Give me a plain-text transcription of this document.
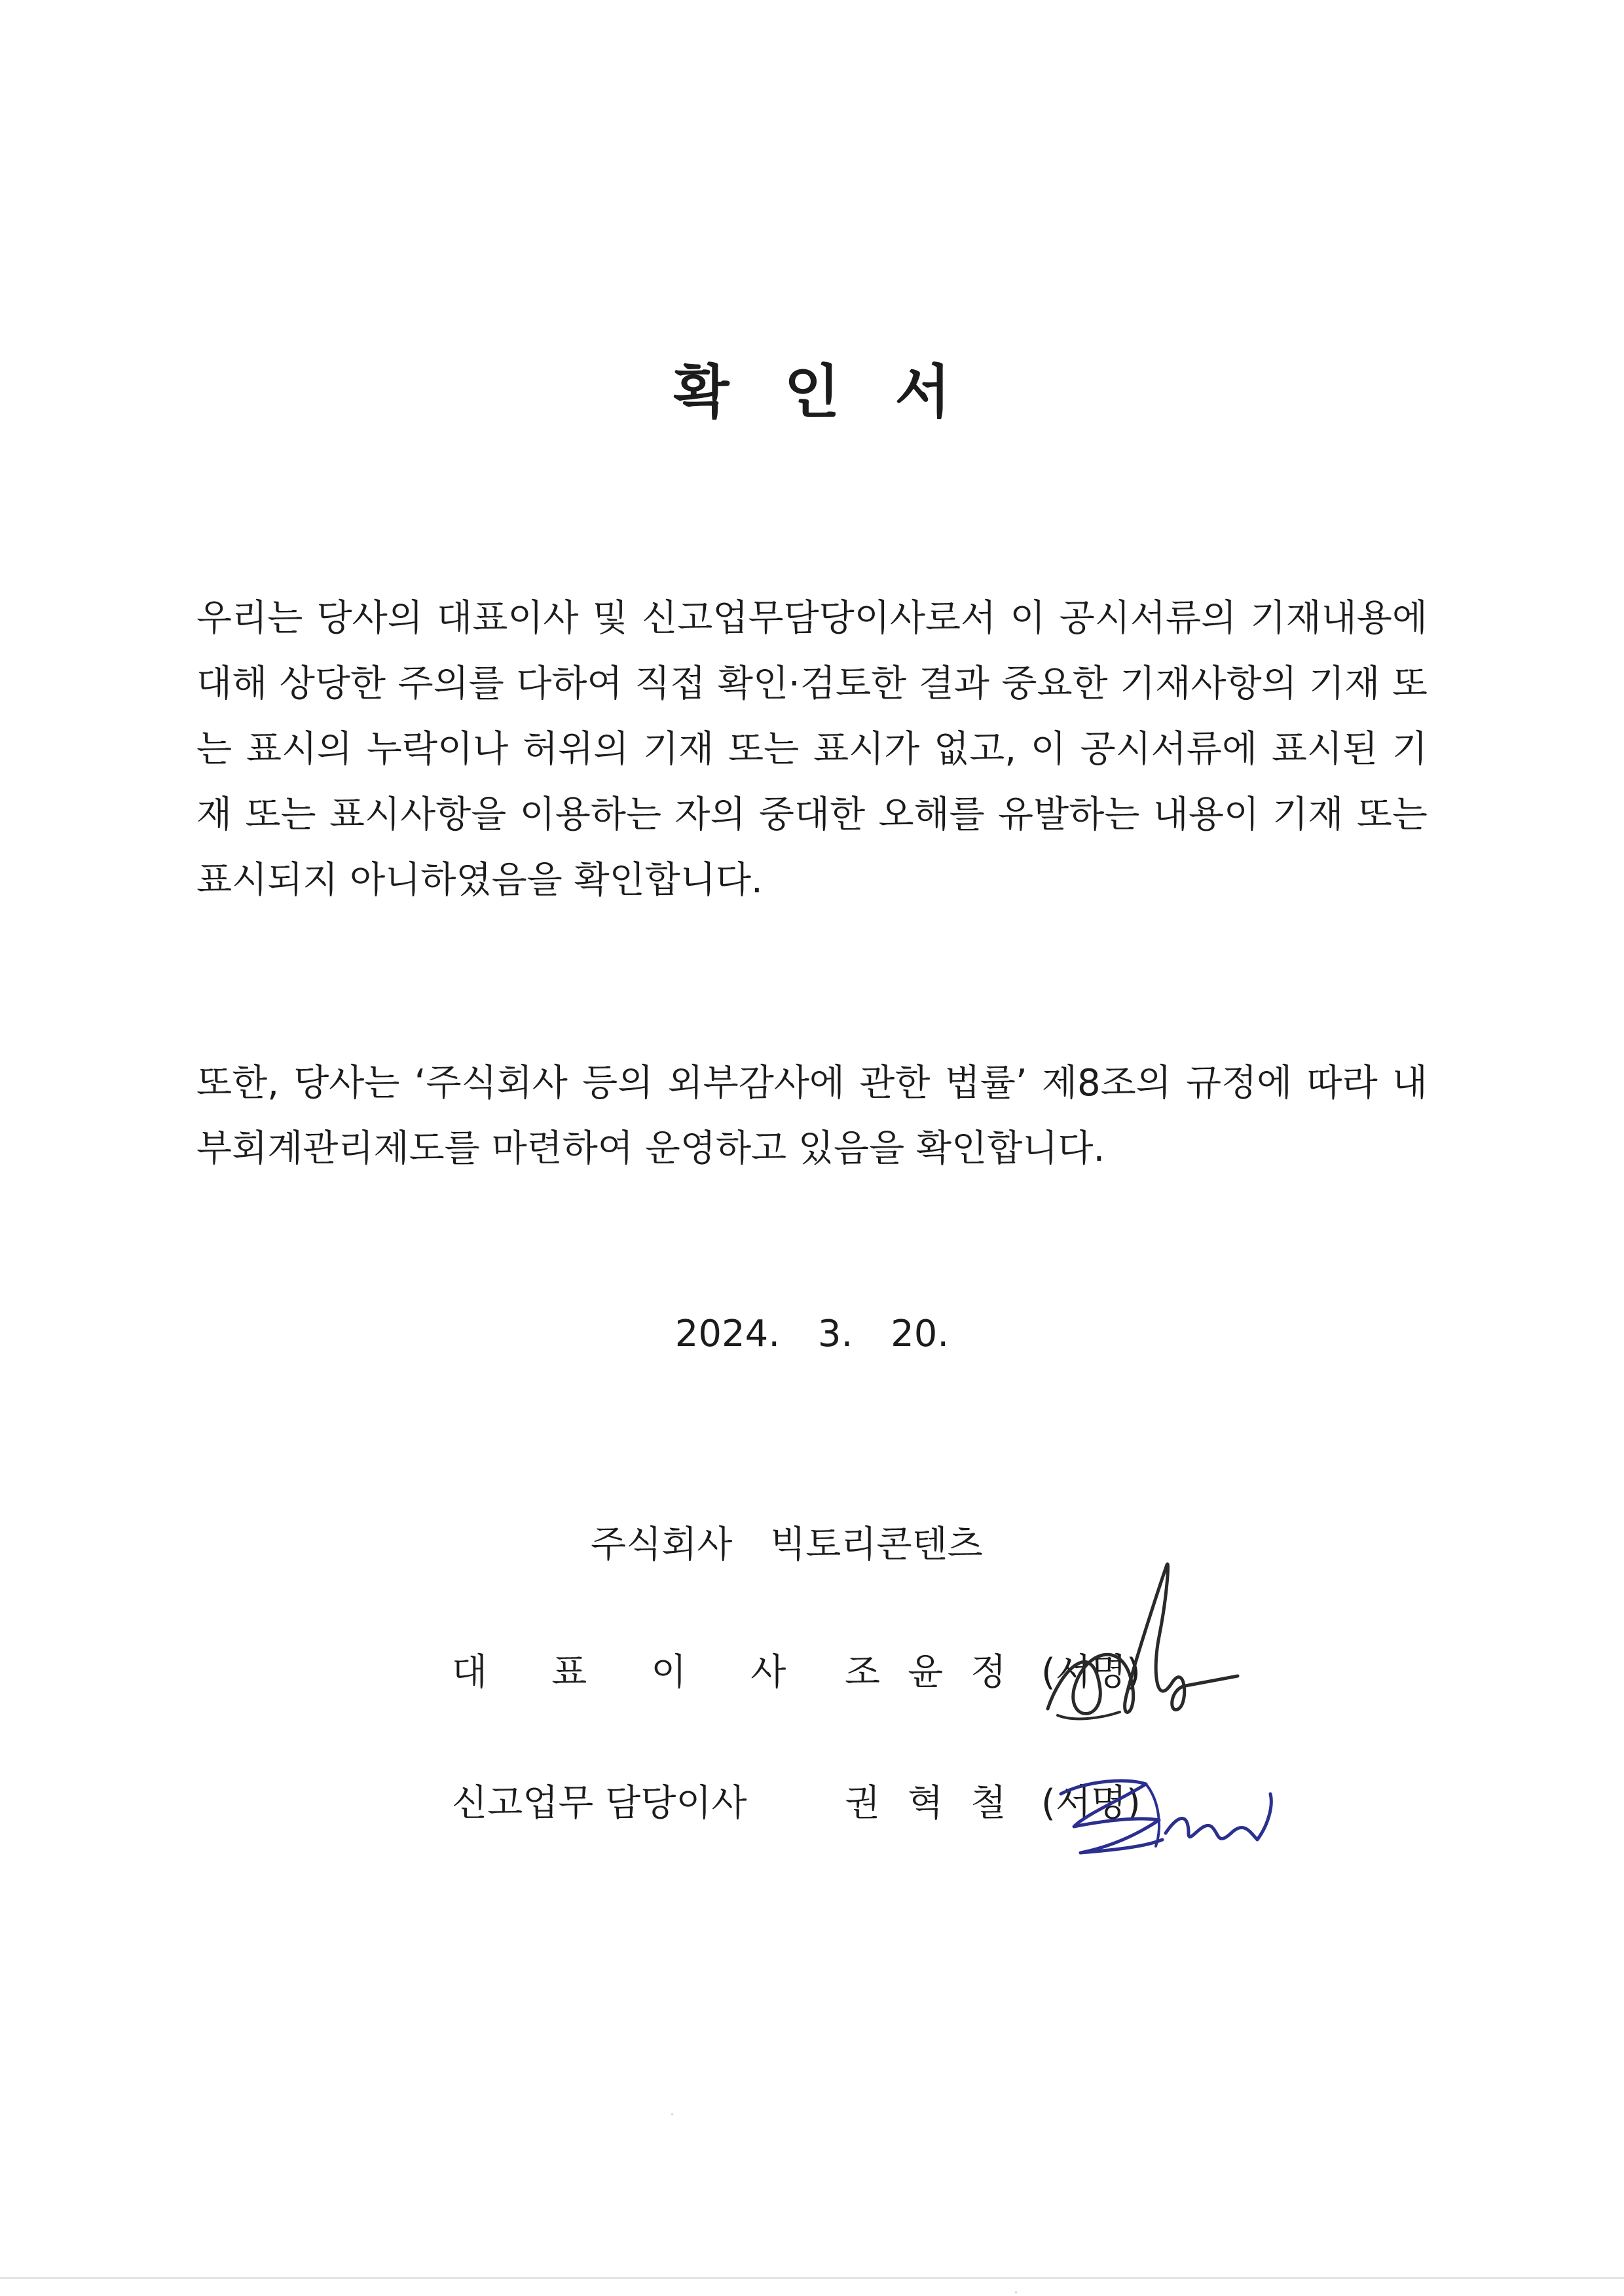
확 인 서

우리는 당사의 대표이사 및 신고업무담당이사로서 이 공시서류의 기재내용에 대해 상당한 주의를 다하여 직접 확인·검토한 결과 중요한 기재사항의 기재 또는 표시의 누락이나 허위의 기재 또는 표시가 없고, 이 공시서류에 표시된 기재 또는 표시사항을 이용하는 자의 중대한 오해를 유발하는 내용이 기재 또는 표시되지 아니하였음을 확인합니다.

또한, 당사는 ‘주식회사 등의 외부감사에 관한 법률’ 제8조의 규정에 따라 내부회계관리제도를 마련하여 운영하고 있음을 확인합니다.

2024. 3. 20.

주식회사 빅토리콘텐츠

대표이사
조윤정 (서명)
신고업무 담당이사	권혁철 (서명)
